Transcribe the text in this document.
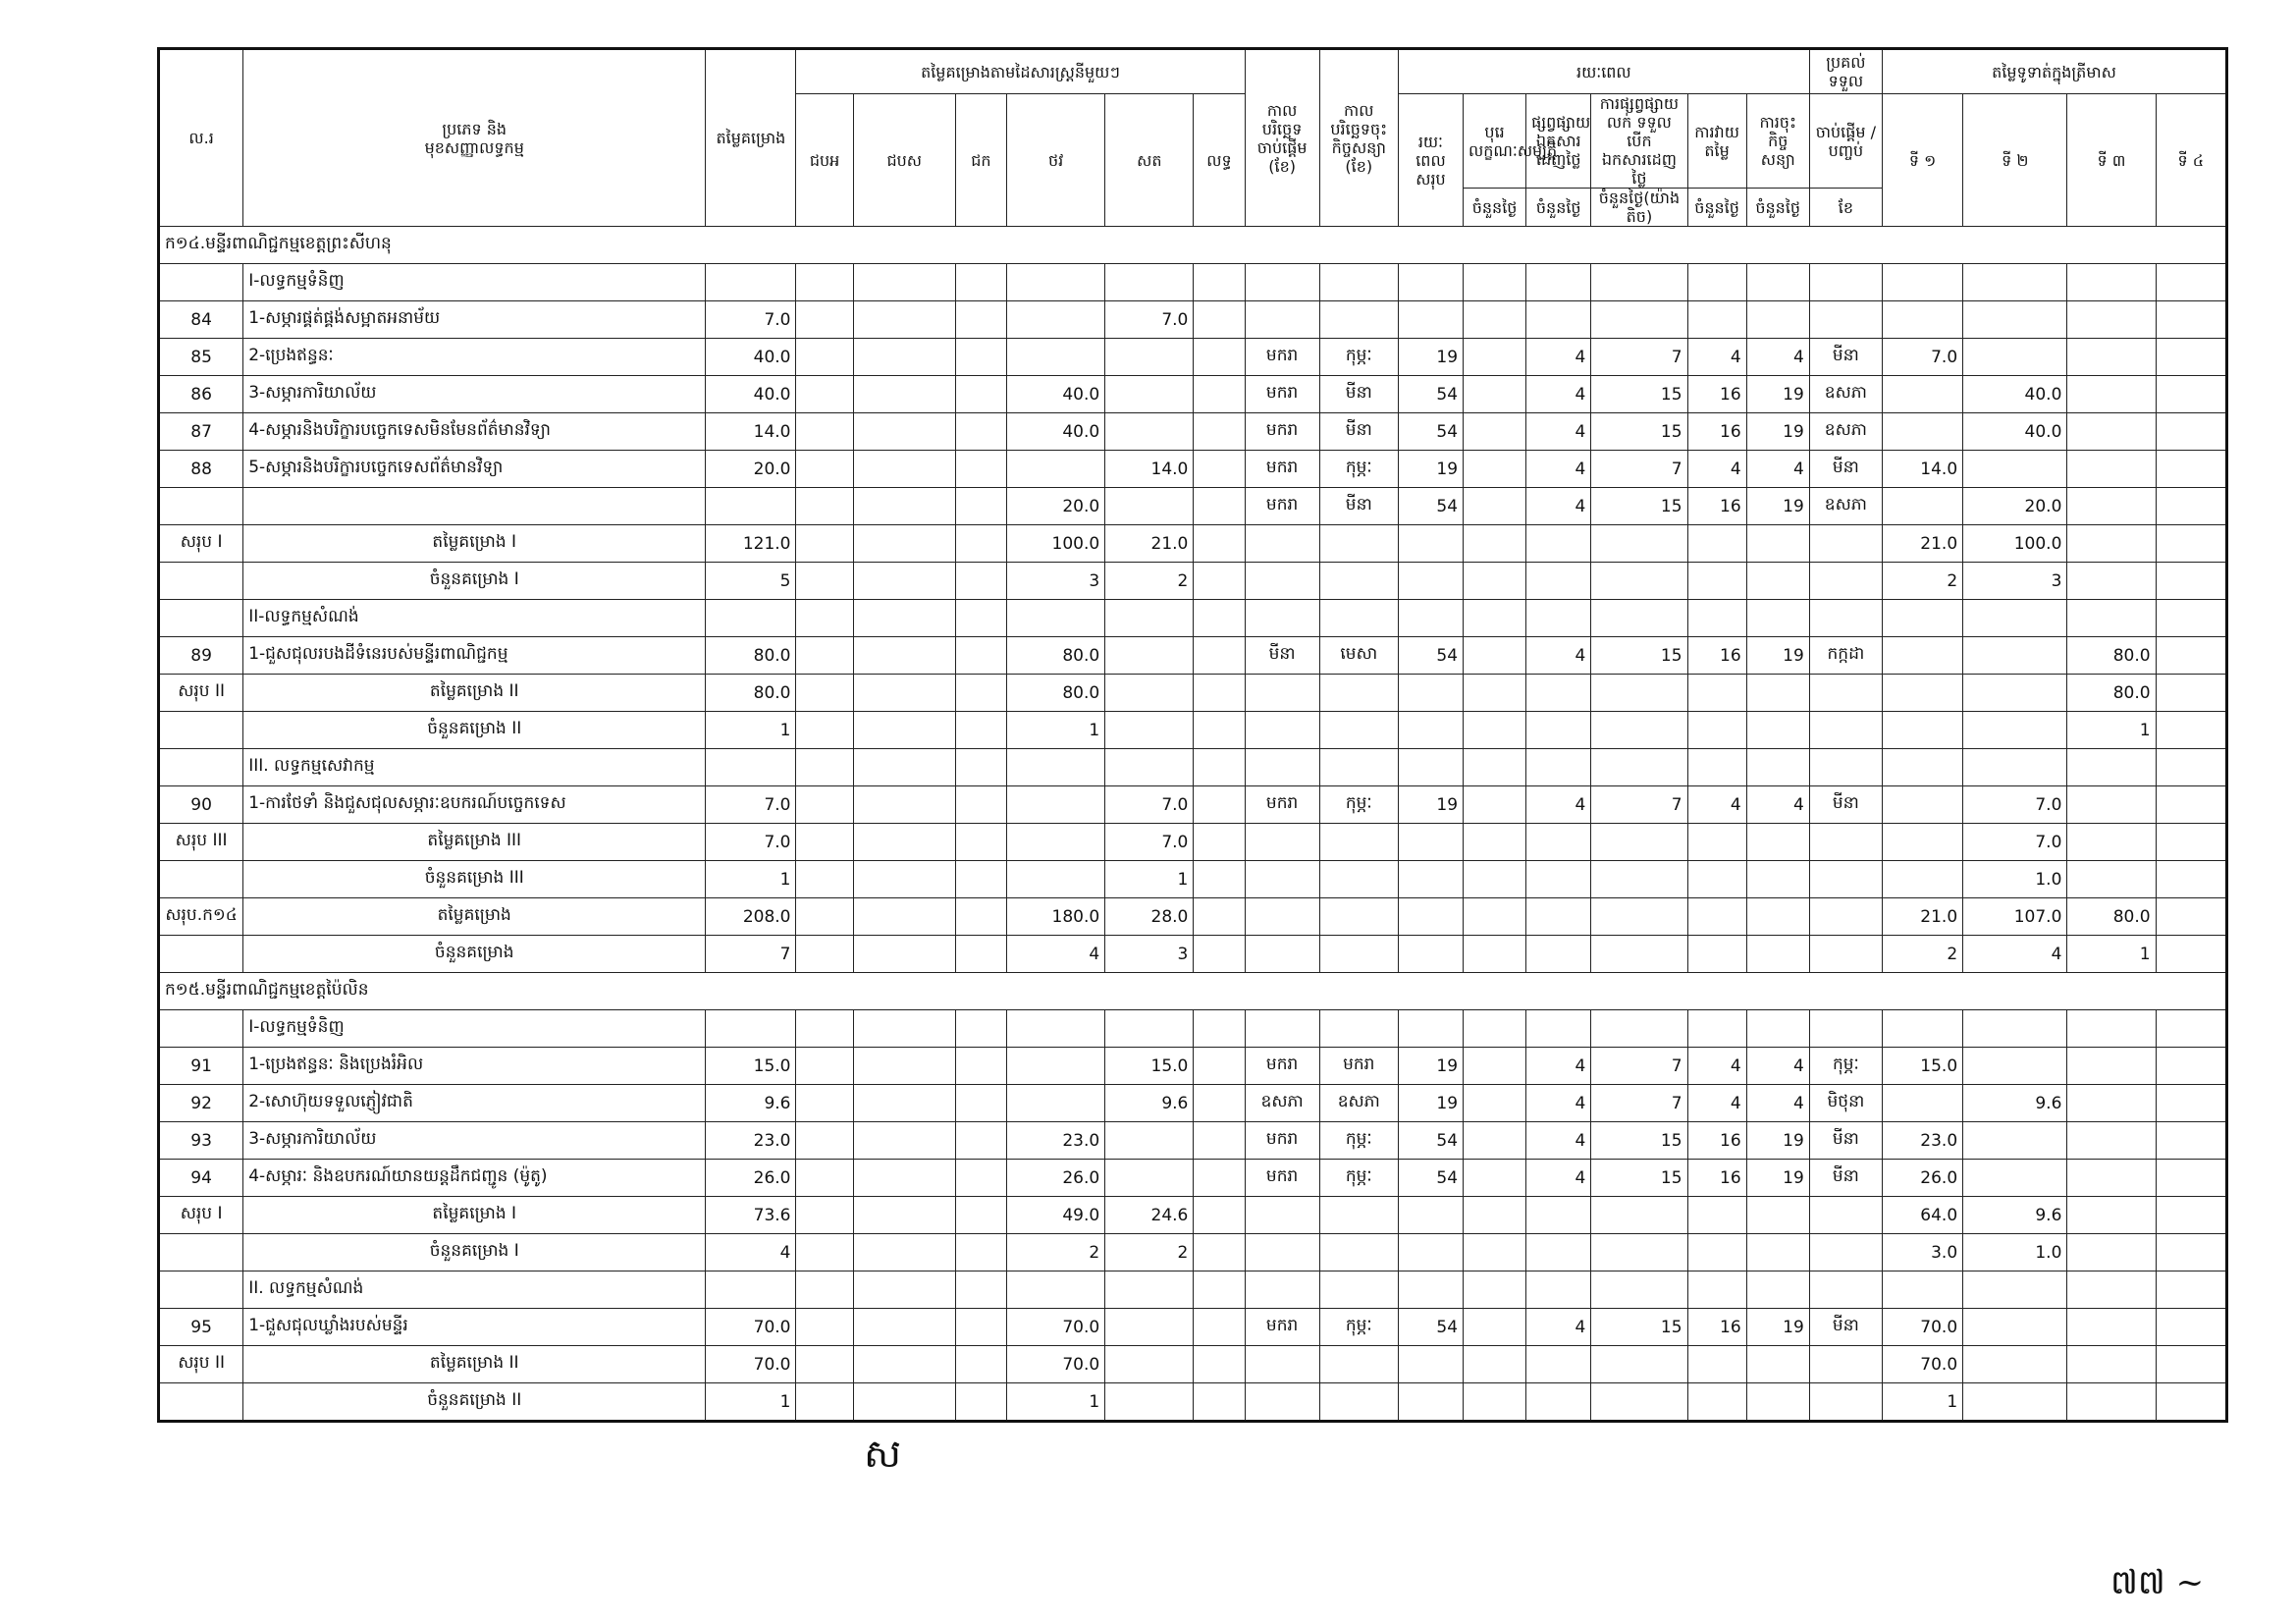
ល.រ	ប្រភេទ និង
មុខសញ្ញាលទ្ធកម្ម	តម្លៃគម្រោង	តម្លៃគម្រោងតាមដៃសារស្រ្តនីមួយៗ						កាលបរិច្ឆេទចាប់ផ្តើម (ខែ)	កាលបរិច្ឆេទចុះកិច្ចសន្យា (ខែ)	រយៈពេល						ប្រគល់ទទួល	តម្លៃទូទាត់ក្នុងត្រីមាស			
			ជបអ	ជបស	ជក	ថវ	សត	លទ្ធ			រយៈពេលសរុប	បុរេលក្ខណៈសម្បត្តិ	ផ្សព្វផ្សាយ ឯកសារ ដេញថ្លៃ	ការផ្សព្វផ្សាយលក់ ទទួល បើកឯកសារដេញថ្លៃ	ការវាយតម្លៃ	ការចុះកិច្ចសន្យា	ចាប់ផ្តើម / បញ្ចប់	ទី ១	ទី ២	ទី ៣	ទី ៤
												ចំនួនថ្ងៃ	ចំនួនថ្ងៃ	ចំនួនថ្ងៃ(យ៉ាងតិច)	ចំនួនថ្ងៃ	ចំនួនថ្ងៃ	ខែ				
ក១៤.មន្ទីរពាណិជ្ជកម្មខេត្តព្រះសីហនុ																					
	I-លទ្ធកម្មទំនិញ																				
84	1-សម្ភារផ្គត់ផ្គង់សម្អាតអនាម័យ	7.0					7.0														
85	2-ប្រេងឥន្ធនៈ	40.0							មករា	កុម្ភៈ	19		4	7	4	4	មីនា	7.0			
86	3-សម្ភារការិយាល័យ	40.0				40.0			មករា	មីនា	54		4	15	16	19	ឧសភា		40.0		
87	4-សម្ភារនិងបរិក្ខារបច្ចេកទេសមិនមែនព័ត៌មានវិទ្យា	14.0				40.0			មករា	មីនា	54		4	15	16	19	ឧសភា		40.0		
88	5-សម្ភារនិងបរិក្ខារបច្ចេកទេសព័ត៌មានវិទ្យា	20.0					14.0		មករា	កុម្ភៈ	19		4	7	4	4	មីនា	14.0			
						20.0			មករា	មីនា	54		4	15	16	19	ឧសភា		20.0		
សរុប I	តម្លៃគម្រោង I	121.0				100.0	21.0											21.0	100.0		
	ចំនួនគម្រោង I	5				3	2											2	3		
	II-លទ្ធកម្មសំណង់																				
89	1-ជួសជុលរបងដីទំនេរបស់មន្ទីរពាណិជ្ជកម្ម	80.0				80.0			មីនា	មេសា	54		4	15	16	19	កក្កដា			80.0	
សរុប II	តម្លៃគម្រោង II	80.0				80.0														80.0	
	ចំនួនគម្រោង II	1				1														1	
	III. លទ្ធកម្មសេវាកម្ម																				
90	1-ការថែទាំ និងជួសជុលសម្ភារៈឧបករណ៍បច្ចេកទេស	7.0					7.0		មករា	កុម្ភៈ	19		4	7	4	4	មីនា		7.0		
សរុប III	តម្លៃគម្រោង III	7.0					7.0												7.0		
	ចំនួនគម្រោង III	1					1												1.0		
សរុប.ក១៤	តម្លៃគម្រោង	208.0				180.0	28.0											21.0	107.0	80.0	
	ចំនួនគម្រោង	7				4	3											2	4	1	
ក១៥.មន្ទីរពាណិជ្ជកម្មខេត្តប៉ៃលិន																					
	I-លទ្ធកម្មទំនិញ																				
91	1-ប្រេងឥន្ធនៈ និងប្រេងរំអិល	15.0					15.0		មករា	មករា	19		4	7	4	4	កុម្ភៈ	15.0			
92	2-សោហ៊ុយទទួលភ្ញៀវជាតិ	9.6					9.6		ឧសភា	ឧសភា	19		4	7	4	4	មិថុនា		9.6		
93	3-សម្ភារការិយាល័យ	23.0				23.0			មករា	កុម្ភៈ	54		4	15	16	19	មីនា	23.0			
94	4-សម្ភារៈ និងឧបករណ៍យានយន្តដឹកជញ្ជូន (ម៉ូតូ)	26.0				26.0			មករា	កុម្ភៈ	54		4	15	16	19	មីនា	26.0			
សរុប I	តម្លៃគម្រោង I	73.6				49.0	24.6											64.0	9.6		
	ចំនួនគម្រោង I	4				2	2											3.0	1.0		
	II. លទ្ធកម្មសំណង់																				
95	1-ជួសជុលឃ្លាំងរបស់មន្ទីរ	70.0				70.0			មករា	កុម្ភៈ	54		4	15	16	19	មីនា	70.0			
សរុប II	តម្លៃគម្រោង II	70.0				70.0												70.0			
	ចំនួនគម្រោង II	1				1												1			
ស
៧៧ ~
